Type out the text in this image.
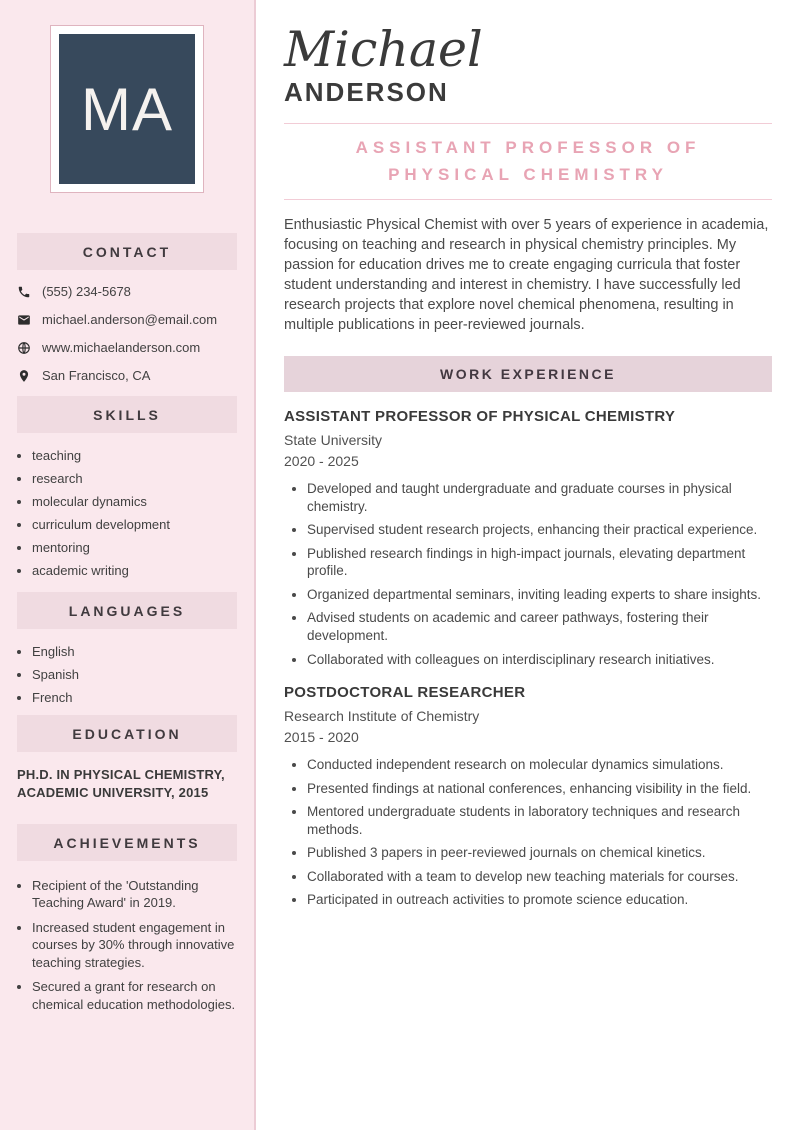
MA
CONTACT
(555) 234-5678
michael.anderson@email.com
www.michaelanderson.com
San Francisco, CA
SKILLS
• teaching
• research
• molecular dynamics
• curriculum development
• mentoring
• academic writing
LANGUAGES
• English
• Spanish
• French
EDUCATION
PH.D. IN PHYSICAL CHEMISTRY, ACADEMIC UNIVERSITY, 2015
ACHIEVEMENTS
• Recipient of the 'Outstanding Teaching Award' in 2019.
• Increased student engagement in courses by 30% through innovative teaching strategies.
• Secured a grant for research on chemical education methodologies.
Michael
ANDERSON
ASSISTANT PROFESSOR OF PHYSICAL CHEMISTRY

Enthusiastic Physical Chemist with over 5 years of experience in academia, focusing on teaching and research in physical chemistry principles. My passion for education drives me to create engaging curricula that foster student understanding and interest in chemistry. I have successfully led research projects that explore novel chemical phenomena, resulting in multiple publications in peer-reviewed journals.

WORK EXPERIENCE
ASSISTANT PROFESSOR OF PHYSICAL CHEMISTRY
State University
2020 - 2025
• Developed and taught undergraduate and graduate courses in physical chemistry.
• Supervised student research projects, enhancing their practical experience.
• Published research findings in high-impact journals, elevating department profile.
• Organized departmental seminars, inviting leading experts to share insights.
• Advised students on academic and career pathways, fostering their development.
• Collaborated with colleagues on interdisciplinary research initiatives.
POSTDOCTORAL RESEARCHER
Research Institute of Chemistry
2015 - 2020
• Conducted independent research on molecular dynamics simulations.
• Presented findings at national conferences, enhancing visibility in the field.
• Mentored undergraduate students in laboratory techniques and research methods.
• Published 3 papers in peer-reviewed journals on chemical kinetics.
• Collaborated with a team to develop new teaching materials for courses.
• Participated in outreach activities to promote science education.
